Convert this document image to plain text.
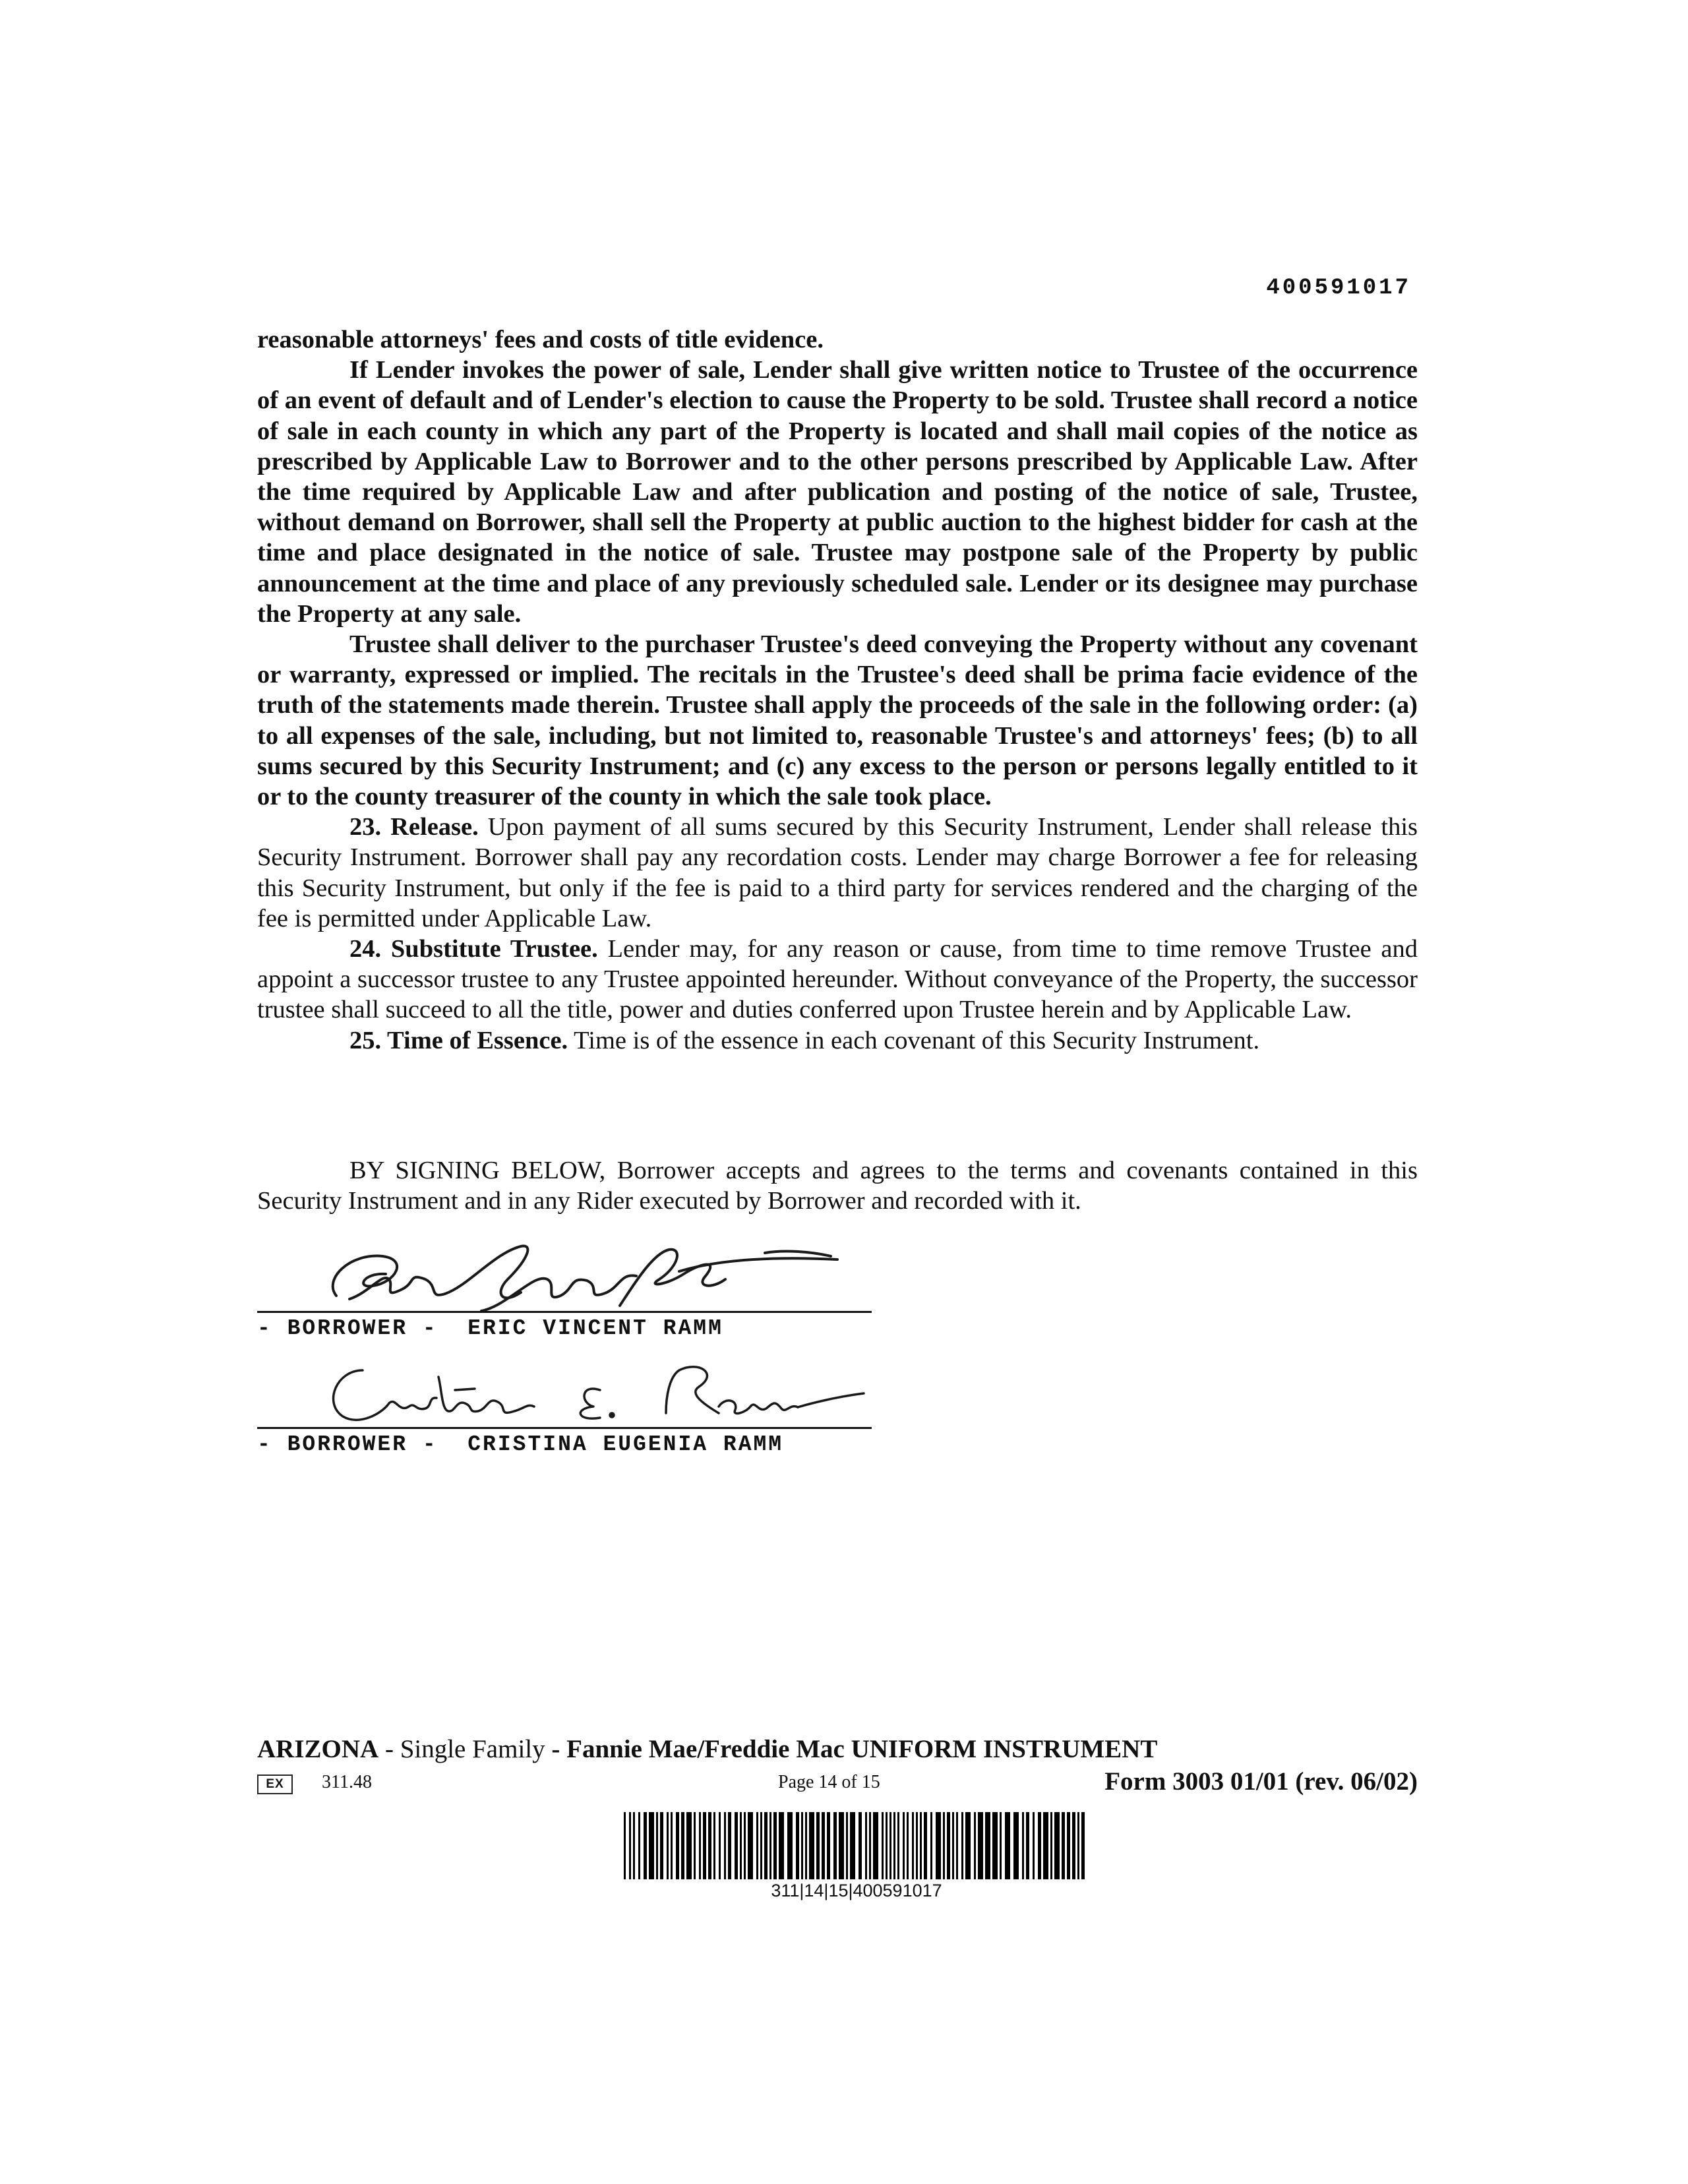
400591017

reasonable attorneys' fees and costs of title evidence.

If Lender invokes the power of sale, Lender shall give written notice to Trustee of the occurrence of an event of default and of Lender's election to cause the Property to be sold. Trustee shall record a notice of sale in each county in which any part of the Property is located and shall mail copies of the notice as prescribed by Applicable Law to Borrower and to the other persons prescribed by Applicable Law. After the time required by Applicable Law and after publication and posting of the notice of sale, Trustee, without demand on Borrower, shall sell the Property at public auction to the highest bidder for cash at the time and place designated in the notice of sale. Trustee may postpone sale of the Property by public announcement at the time and place of any previously scheduled sale. Lender or its designee may purchase the Property at any sale.

Trustee shall deliver to the purchaser Trustee's deed conveying the Property without any covenant or warranty, expressed or implied. The recitals in the Trustee's deed shall be prima facie evidence of the truth of the statements made therein. Trustee shall apply the proceeds of the sale in the following order: (a) to all expenses of the sale, including, but not limited to, reasonable Trustee's and attorneys' fees; (b) to all sums secured by this Security Instrument; and (c) any excess to the person or persons legally entitled to it or to the county treasurer of the county in which the sale took place.

23. Release. Upon payment of all sums secured by this Security Instrument, Lender shall release this Security Instrument. Borrower shall pay any recordation costs. Lender may charge Borrower a fee for releasing this Security Instrument, but only if the fee is paid to a third party for services rendered and the charging of the fee is permitted under Applicable Law.

24. Substitute Trustee. Lender may, for any reason or cause, from time to time remove Trustee and appoint a successor trustee to any Trustee appointed hereunder. Without conveyance of the Property, the successor trustee shall succeed to all the title, power and duties conferred upon Trustee herein and by Applicable Law.

25. Time of Essence. Time is of the essence in each covenant of this Security Instrument.

BY SIGNING BELOW, Borrower accepts and agrees to the terms and covenants contained in this Security Instrument and in any Rider executed by Borrower and recorded with it.
- BORROWER -  ERIC VINCENT RAMM
- BORROWER -  CRISTINA EUGENIA RAMM
ARIZONA - Single Family - Fannie Mae/Freddie Mac UNIFORM INSTRUMENT
EX	311.48	Page 14 of 15	Form 3003 01/01 (rev. 06/02)
311|14|15|400591017
